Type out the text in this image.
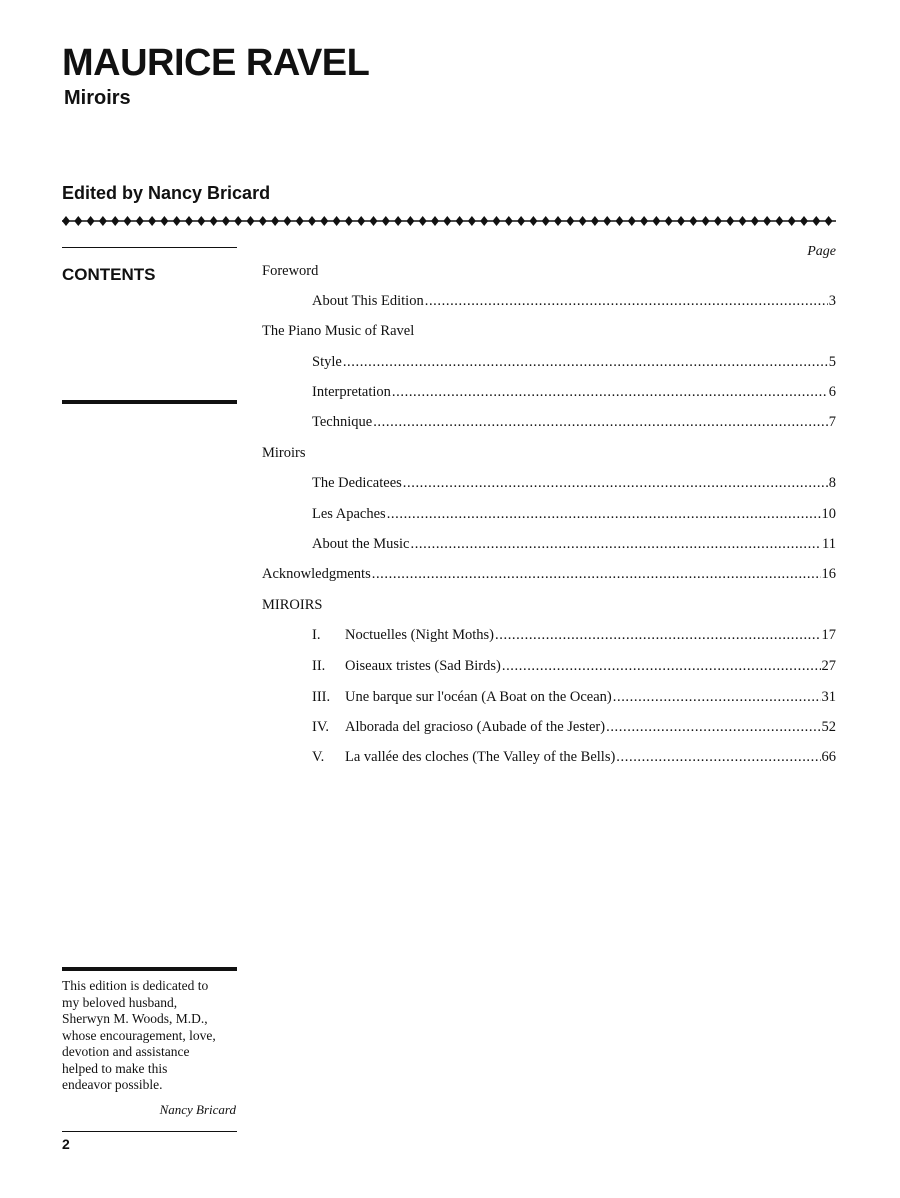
MAURICE RAVEL
Miroirs
Edited by Nancy Bricard
CONTENTS
Page
Foreword
About This Edition .....	3
The Piano Music of Ravel
Style .....	5
Interpretation .....	6
Technique .....	7
Miroirs
The Dedicatees .....	8
Les Apaches .....	10
About the Music .....	11
Acknowledgments .....	16
MIROIRS
I.	Noctuelles (Night Moths) .....	17
II.	Oiseaux tristes (Sad Birds) .....	27
III.	Une barque sur l'océan (A Boat on the Ocean) .....	31
IV.	Alborada del gracioso (Aubade of the Jester) .....	52
V.	La vallée des cloches (The Valley of the Bells) .....	66
This edition is dedicated to
my beloved husband,
Sherwyn M. Woods, M.D.,
whose encouragement, love,
devotion and assistance
helped to make this
endeavor possible.
Nancy Bricard
2
